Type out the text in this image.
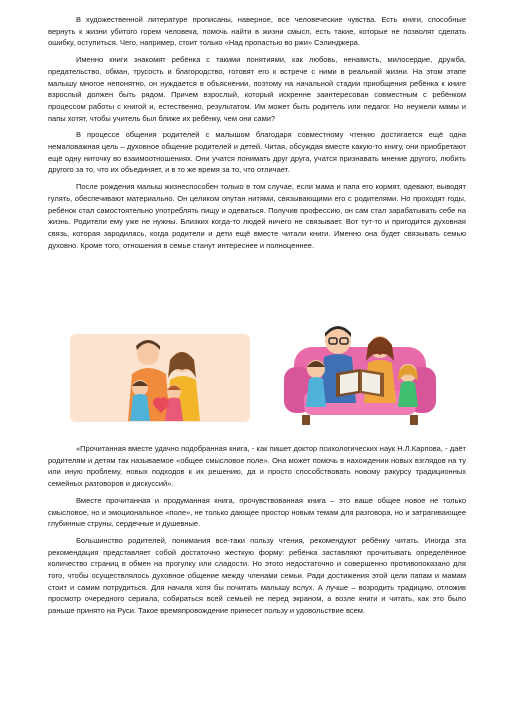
В художественной литературе прописаны, наверное, все человеческие чувства. Есть книги, способные вернуть к жизни убитого горем человека, помочь найти в жизни смысл, есть такие, которые не позволят сделать ошибку, оступиться. Чего, например, стоит только «Над пропастью во ржи» Сэлинджера.

Именно книги знакомят ребёнка с такими понятиями, как любовь, ненависть, милосердие, дружба, предательство, обман, трусость и благородство, готовят его к встрече с ними в реальной жизни. На этом этапе малышу многое непонятно, он нуждается в объяснении, поэтому на начальной стадии приобщения ребёнка к книге взрослый должен быть рядом. Причем взрослый, который искренне заинтересован совместным с ребёнком процессом работы с книгой и, естественно, результатом. Им может быть родитель или педагог. Но неужели мамы и папы хотят, чтобы учитель был ближе их ребёнку, чем они сами?

В процессе общения родителей с малышом благодаря совместному чтению достигается ещё одна немаловажная цель – духовное общение родителей и детей. Читая, обсуждая вместе какую-то книгу, они приобретают ещё одну ниточку во взаимоотношениях. Они учатся понимать друг друга, учатся признавать мнение другого, любить другого за то, что их объединяет, и в то же время за то, что отличает.

После рождения малыш жизнеспособен только в том случае, если мама и папа его кормят, одевают, выводят гулять, обеспечивают материально. Он целиком опутан нитями, связывающими его с родителями. Но проходят годы, ребёнок стал самостоятельно употреблять пищу и одеваться. Получив профессию, он сам стал зарабатывать себе на жизнь. Родители ему уже не нужны. Близких когда-то людей ничего не связывает. Вот тут-то и пригодится духовная связь, которая зародилась, когда родители и дети ещё вместе читали книги. Именно она будет связывать семью духовно. Кроме того, отношения в семье станут интереснее и полноценнее.

«Прочитанная вместе удачно подобранная книга, - как пишет доктор психологических наук Н.Л.Карпова, - даёт родителям и детям так называемое «общее смысловое поле». Она может помочь в нахождении новых взглядов на ту или иную проблему, новых подходов к их решению, да и просто способствовать новому ракурсу традиционных семейных разговоров и дискуссий».

Вместе прочитанная и продуманная книга, прочувствованная книга – это ваше общее новое не только смысловое, но и эмоциональное «поле», не только дающее простор новым темам для разговора, но и затрагивающее глубинные струны, сердечные и душевные.

Большинство родителей, понимания все-таки пользу чтения, рекомендуют ребёнку читать. Иногда эта рекомендация представляет собой достаточно жесткую форму: ребёнка заставляют прочитывать определённое количество страниц в обмен на прогулку или сладости. Но этого недостаточно и совершенно противопоказано для того, чтобы осуществлялось духовное общение между членами семьи. Ради достижения этой цели папам и мамам стоит и самим потрудиться. Для начала хотя бы почитать малышу вслух. А лучше – возродить традицию, отложив просмотр очередного сериала, собираться всей семьей не перед экраном, а возле книги и читать, как это было раньше принято на Руси. Такое времяпровождение принесет пользу и удовольствие всем.
